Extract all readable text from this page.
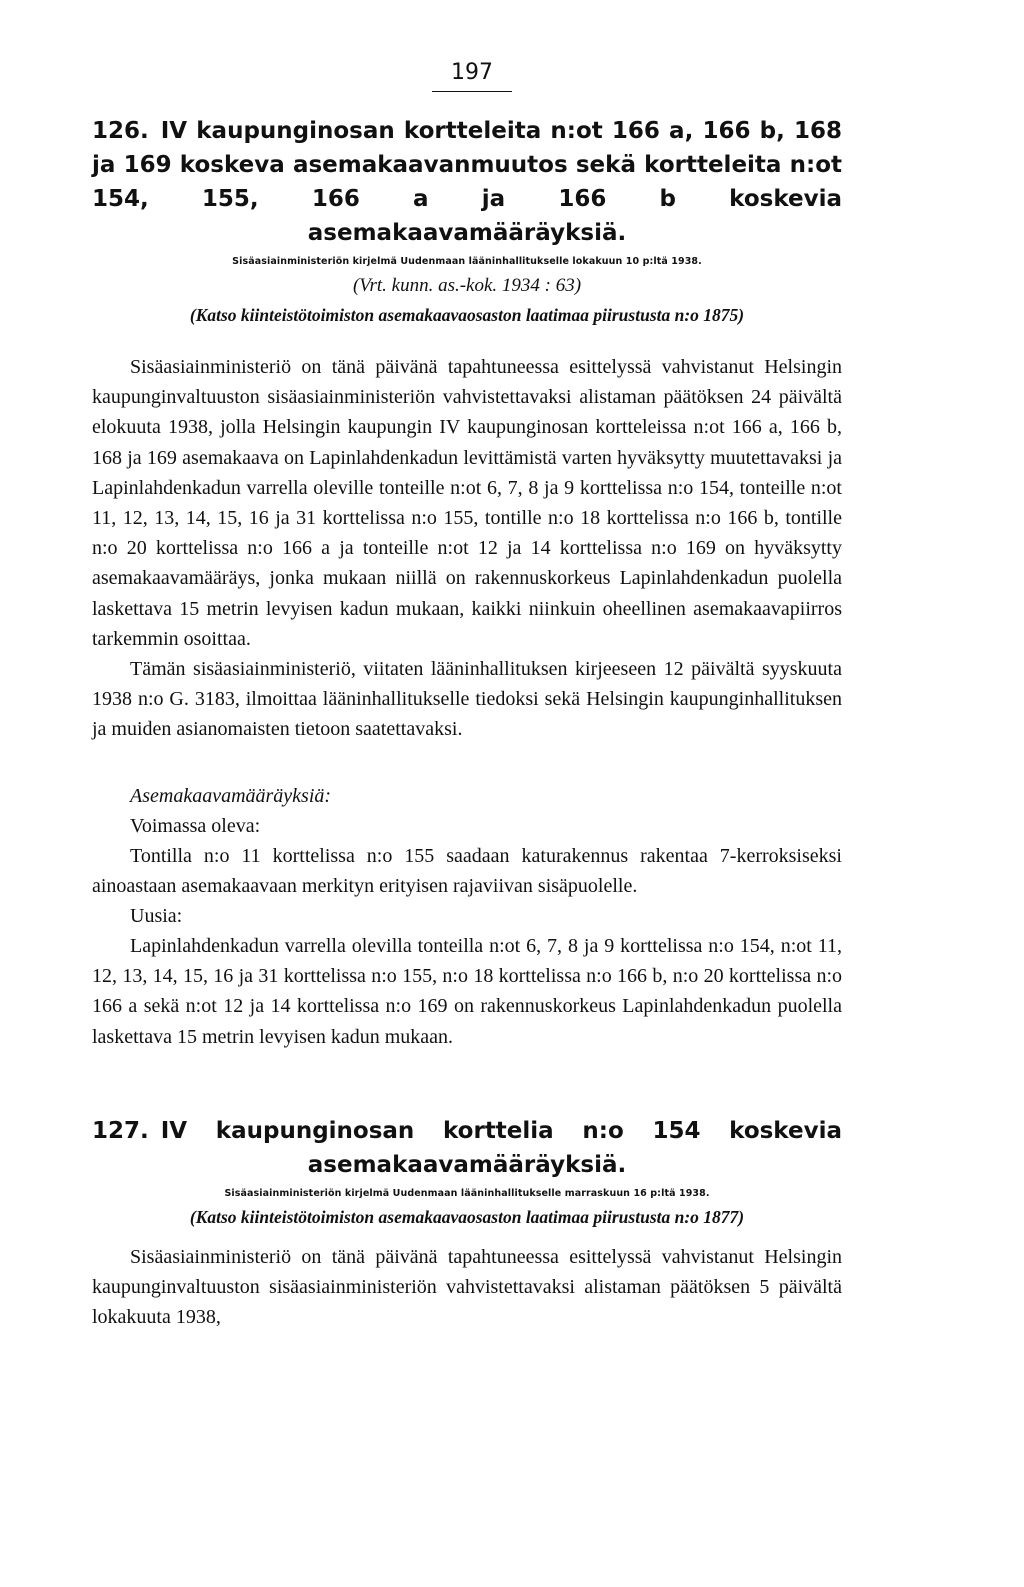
197
126. IV kaupunginosan kortteleita n:ot 166 a, 166 b, 168 ja 169 koskeva asemakaavanmuutos sekä kortteleita n:ot 154, 155, 166 a ja 166 b koskevia asemakaavamääräyksiä.
Sisäasiainministeriön kirjelmä Uudenmaan lääninhallitukselle lokakuun 10 p:ltä 1938.
(Vrt. kunn. as.-kok. 1934 : 63)
(Katso kiinteistötoimiston asemakaavaosaston laatimaa piirustusta n:o 1875)

Sisäasiainministeriö on tänä päivänä tapahtuneessa esittelyssä vahvistanut Helsingin kaupunginvaltuuston sisäasiainministeriön vahvistettavaksi alistaman päätöksen 24 päivältä elokuuta 1938, jolla Helsingin kaupungin IV kaupunginosan kortteleissa n:ot 166 a, 166 b, 168 ja 169 asemakaava on Lapinlahdenkadun levittämistä varten hyväksytty muutettavaksi ja Lapinlahdenkadun varrella oleville tonteille n:ot 6, 7, 8 ja 9 korttelissa n:o 154, tonteille n:ot 11, 12, 13, 14, 15, 16 ja 31 korttelissa n:o 155, tontille n:o 18 korttelissa n:o 166 b, tontille n:o 20 korttelissa n:o 166 a ja tonteille n:ot 12 ja 14 korttelissa n:o 169 on hyväksytty asemakaavamääräys, jonka mukaan niillä on rakennuskorkeus Lapinlahdenkadun puolella laskettava 15 metrin levyisen kadun mukaan, kaikki niinkuin oheellinen asemakaavapiirros tarkemmin osoittaa.

Tämän sisäasiainministeriö, viitaten lääninhallituksen kirjeeseen 12 päivältä syyskuuta 1938 n:o G. 3183, ilmoittaa lääninhallitukselle tiedoksi sekä Helsingin kaupunginhallituksen ja muiden asianomaisten tietoon saatettavaksi.

Asemakaavamääräyksiä:
Voimassa oleva:

Tontilla n:o 11 korttelissa n:o 155 saadaan katurakennus rakentaa 7-kerroksiseksi ainoastaan asemakaavaan merkityn erityisen rajaviivan sisäpuolelle.

Uusia:

Lapinlahdenkadun varrella olevilla tonteilla n:ot 6, 7, 8 ja 9 korttelissa n:o 154, n:ot 11, 12, 13, 14, 15, 16 ja 31 korttelissa n:o 155, n:o 18 korttelissa n:o 166 b, n:o 20 korttelissa n:o 166 a sekä n:ot 12 ja 14 korttelissa n:o 169 on rakennuskorkeus Lapinlahdenkadun puolella laskettava 15 metrin levyisen kadun mukaan.

127. IV kaupunginosan korttelia n:o 154 koskevia asemakaavamääräyksiä.
Sisäasiainministeriön kirjelmä Uudenmaan lääninhallitukselle marraskuun 16 p:ltä 1938.
(Katso kiinteistötoimiston asemakaavaosaston laatimaa piirustusta n:o 1877)

Sisäasiainministeriö on tänä päivänä tapahtuneessa esittelyssä vahvistanut Helsingin kaupunginvaltuuston sisäasiainministeriön vahvistettavaksi alistaman päätöksen 5 päivältä lokakuuta 1938,
